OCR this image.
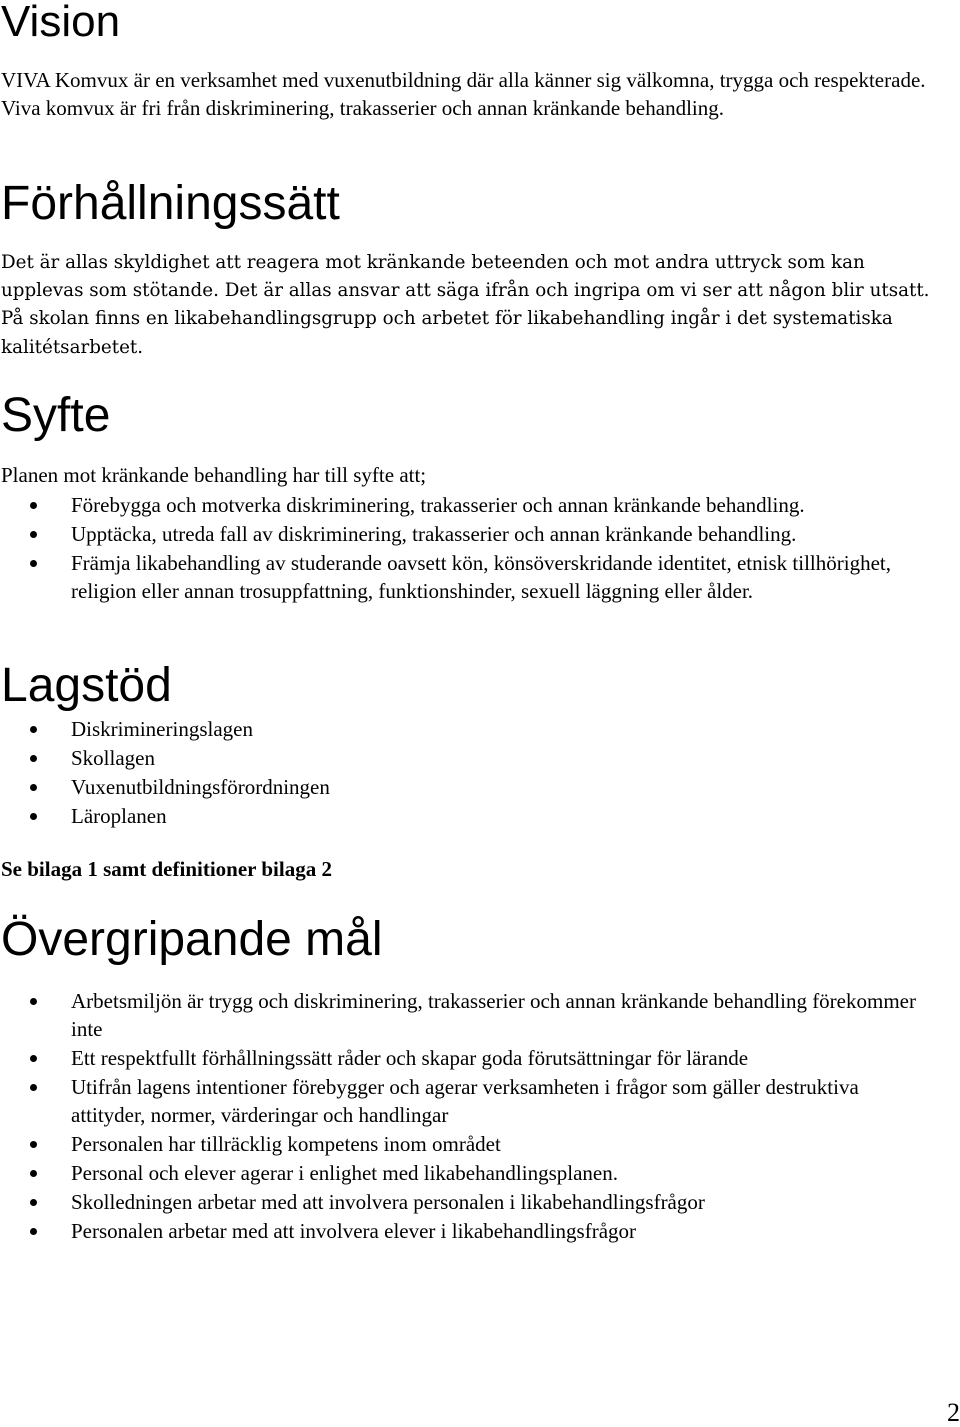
Vision

VIVA Komvux är en verksamhet med vuxenutbildning där alla känner sig välkomna, trygga och respekterade.

Viva komvux är fri från diskriminering, trakasserier och annan kränkande behandling.

Förhållningssätt

Det är allas skyldighet att reagera mot kränkande beteenden och mot andra uttryck som kan upplevas som stötande. Det är allas ansvar att säga ifrån och ingripa om vi ser att någon blir utsatt. På skolan finns en likabehandlingsgrupp och arbetet för likabehandling ingår i det systematiska kalitétsarbetet.

Syfte

Planen mot kränkande behandling har till syfte att;

Förebygga och motverka diskriminering, trakasserier och annan kränkande behandling.
Upptäcka, utreda fall av diskriminering, trakasserier och annan kränkande behandling.
Främja likabehandling av studerande oavsett kön, könsöverskridande identitet, etnisk tillhörighet, religion eller annan trosuppfattning, funktionshinder, sexuell läggning eller ålder.
Lagstöd
Diskrimineringslagen
Skollagen
Vuxenutbildningsförordningen
Läroplanen
Se bilaga 1 samt definitioner bilaga 2
Övergripande mål
Arbetsmiljön är trygg och diskriminering, trakasserier och annan kränkande behandling förekommer inte
Ett respektfullt förhållningssätt råder och skapar goda förutsättningar för lärande
Utifrån lagens intentioner förebygger och agerar verksamheten i frågor som gäller destruktiva attityder, normer, värderingar och handlingar
Personalen har tillräcklig kompetens inom området
Personal och elever agerar i enlighet med likabehandlingsplanen.
Skolledningen arbetar med att involvera personalen i likabehandlingsfrågor
Personalen arbetar med att involvera elever i likabehandlingsfrågor
2
